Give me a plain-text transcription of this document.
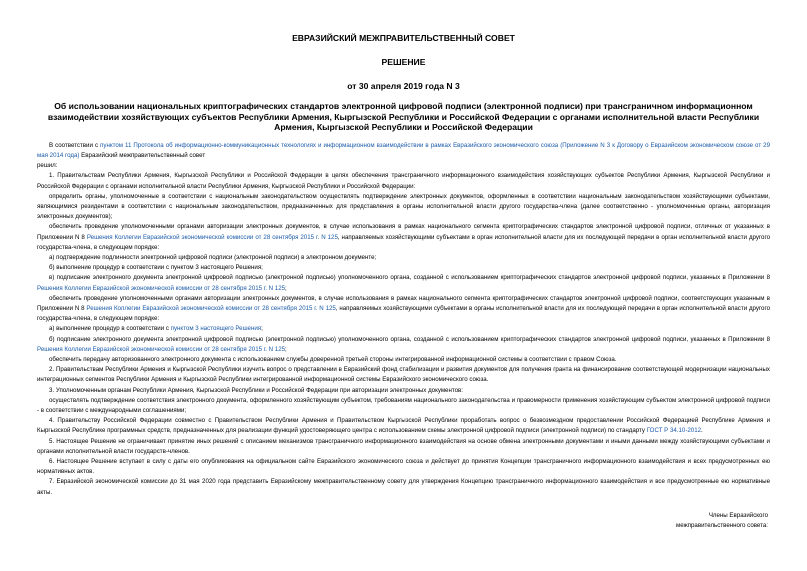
ЕВРАЗИЙСКИЙ МЕЖПРАВИТЕЛЬСТВЕННЫЙ СОВЕТ
РЕШЕНИЕ
от 30 апреля 2019 года N 3
Об использовании национальных криптографических стандартов электронной цифровой подписи (электронной подписи) при трансграничном информационном взаимодействии хозяйствующих субъектов Республики Армения, Кыргызской Республики и Российской Федерации с органами исполнительной власти Республики Армения, Кыргызской Республики и Российской Федерации

В соответствии с пунктом 11 Протокола об информационно-коммуникационных технологиях и информационном взаимодействии в рамках Евразийского экономического союза (Приложение N 3 к Договору о Евразийском экономическом союзе от 29 мая 2014 года) Евразийский межправительственный совет

решил:

1. Правительствам Республики Армения, Кыргызской Республики и Российской Федерации в целях обеспечения трансграничного информационного взаимодействия хозяйствующих субъектов Республики Армения, Кыргызской Республики и Российской Федерации с органами исполнительной власти Республики Армения, Кыргызской Республики и Российской Федерации:

определить органы, уполномоченные в соответствии с национальным законодательством осуществлять подтверждение электронных документов, оформленных в соответствии национальным законодательством хозяйствующими субъектами, являющимися резидентами в соответствии с национальным законодательством, предназначенных для представления в органы исполнительной власти другого государства-члена (далее соответственно - уполномоченные органы, авторизация электронных документов);

обеспечить проведение уполномоченными органами авторизации электронных документов, в случае использования в рамках национального сегмента криптографических стандартов электронной цифровой подписи, отличных от указанных в Приложении N 8 Решения Коллегии Евразийской экономической комиссии от 28 сентября 2015 г. N 125, направляемых хозяйствующими субъектами в орган исполнительной власти для их последующей передачи в орган исполнительной власти другого государства-члена, в следующем порядке:

а) подтверждение подлинности электронной цифровой подписи (электронной подписи) в электронном документе;

б) выполнение процедур в соответствии с пунктом 3 настоящего Решения;

в) подписание электронного документа электронной цифровой подписью (электронной подписью) уполномоченного органа, созданной с использованием криптографических стандартов электронной цифровой подписи, указанных в Приложении 8 Решения Коллегии Евразийской экономической комиссии от 28 сентября 2015 г. N 125;

обеспечить проведение уполномоченными органами авторизации электронных документов, в случае использования в рамках национального сегмента криптографических стандартов электронной цифровой подписи, соответствующих указанным в Приложении N 8 Решения Коллегии Евразийской экономической комиссии от 28 сентября 2015 г. N 125, направляемых хозяйствующими субъектами в органы исполнительной власти для их последующей передачи в орган исполнительной власти другого государства-члена, в следующем порядке:

а) выполнение процедур в соответствии с пунктом 3 настоящего Решения;

б) подписание электронного документа электронной цифровой подписью (электронной подписью) уполномоченного органа, созданной с использованием криптографических стандартов электронной цифровой подписи, указанных в Приложении 8 Решения Коллегии Евразийской экономической комиссии от 28 сентября 2015 г. N 125;

обеспечить передачу авторизованного электронного документа с использованием службы доверенной третьей стороны интегрированной информационной системы в соответствии с правом Союза.

2. Правительствам Республики Армения и Кыргызской Республики изучить вопрос о представлении в Евразийский фонд стабилизации и развития документов для получения гранта на финансирование соответствующей модернизации национальных интеграционных сегментов Республики Армения и Кыргызской Республики интегрированной информационной системы Евразийского экономического союза.

3. Уполномоченным органам Республики Армения, Кыргызской Республики и Российской Федерации при авторизации электронных документов:

осуществлять подтверждение соответствия электронного документа, оформленного хозяйствующим субъектом, требованиям национального законодательства и правомерности применения хозяйствующим субъектом электронной цифровой подписи - в соответствии с международными соглашениями;

4. Правительству Российской Федерации совместно с Правительством Республики Армения и Правительством Кыргызской Республики проработать вопрос о безвозмездном предоставлении Российской Федерацией Республике Армения и Кыргызской Республике программных средств, предназначенных для реализации функций удостоверяющего центра с использованием схемы электронной цифровой подписи (электронной подписи) по стандарту ГОСТ Р 34.10-2012.

5. Настоящее Решение не ограничивает принятие иных решений с описанием механизмов трансграничного информационного взаимодействия на основе обмена электронными документами и иными данными между хозяйствующими субъектами и органами исполнительной власти государств-членов.

6. Настоящее Решение вступает в силу с даты его опубликования на официальном сайте Евразийского экономического союза и действует до принятия Концепции трансграничного информационного взаимодействия и всех предусмотренных ею нормативных актов.

7. Евразийской экономической комиссии до 31 мая 2020 года представить Евразийскому межправительственному совету для утверждения Концепцию трансграничного информационного взаимодействия и все предусмотренные ею нормативные акты.

Члены Евразийского
межправительственного совета:
